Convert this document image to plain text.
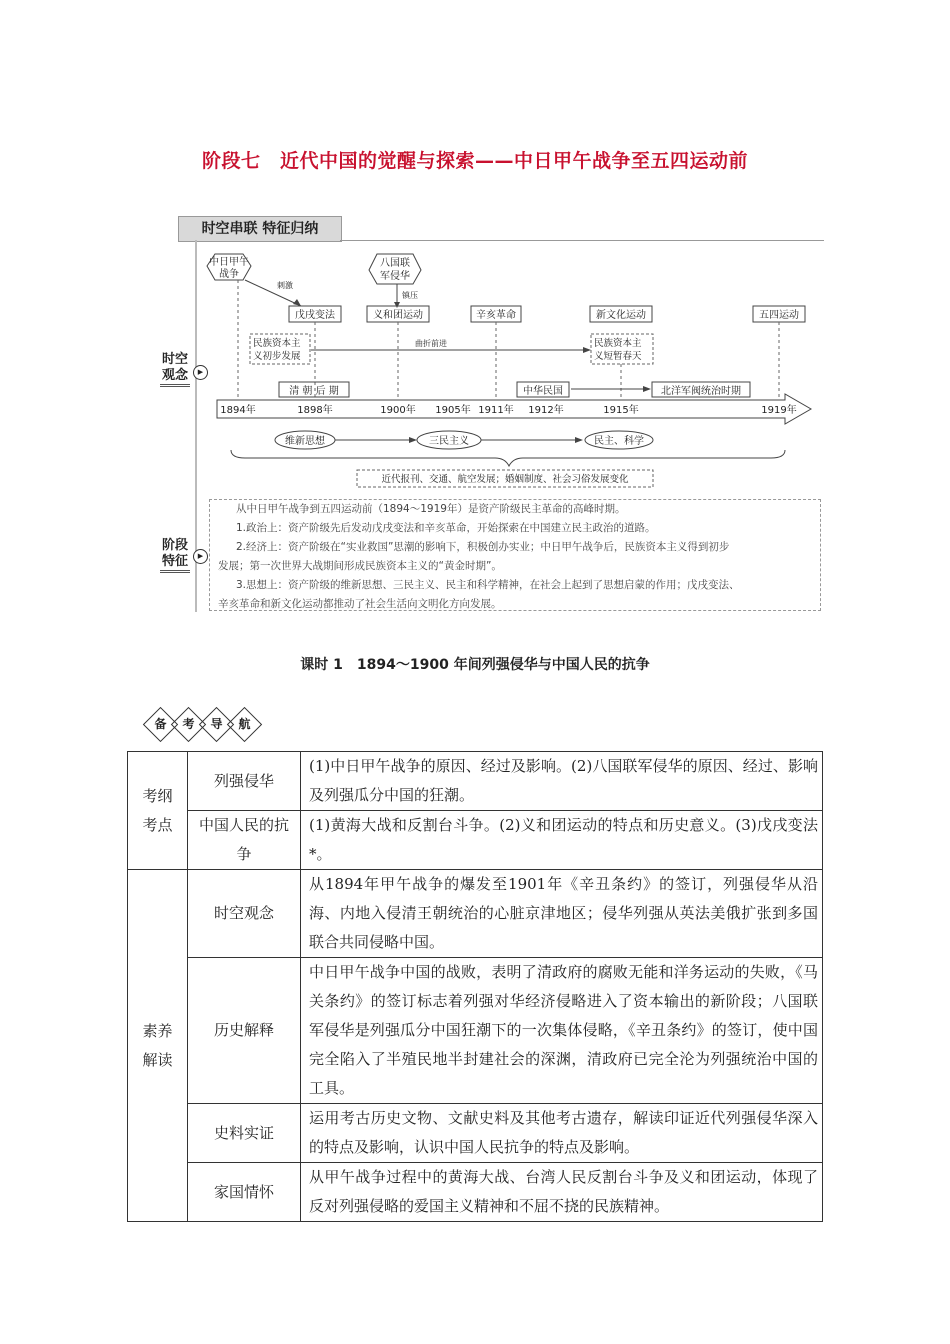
阶段七　近代中国的觉醒与探索——中日甲午战争至五四运动前
时空串联 特征归纳
时空
观念	▶
阶段
特征	▶
中日甲午
战争
八国联
军侵华
刺激
镇压
戊戌变法	义和团运动	辛亥革命	新文化运动	五四运动
民族资本主
义初步发展
曲折前进	民族资本主
义短暂春天
清 朝 后 期	中华民国	北洋军阀统治时期
1894年	1898年	1900年 1905年 1911年 1912年	1915年	1919年
维新思想	三民主义	民主、科学
近代报刊、交通、航空发展；婚姻制度、社会习俗发展变化
从中日甲午战争到五四运动前（1894～1919年）是资产阶级民主革命的高峰时期。
1.政治上：资产阶级先后发动戊戌变法和辛亥革命，开始探索在中国建立民主政治的道路。
2.经济上：资产阶级在“实业救国”思潮的影响下，积极创办实业；中日甲午战争后，民族资本主义得到初步
发展；第一次世界大战期间形成民族资本主义的“黄金时期”。
3.思想上：资产阶级的维新思想、三民主义、民主和科学精神，在社会上起到了思想启蒙的作用；戊戌变法、
辛亥革命和新文化运动都推动了社会生活向文明化方向发展。
课时 1　1894～1900 年间列强侵华与中国人民的抗争
备 考 导 航
考纲
考点	列强侵华	(1)中日甲午战争的原因、经过及影响。(2)八国联军侵华的原因、经过、影响及列强瓜分中国的狂潮。
	中国人民的抗争	(1)黄海大战和反割台斗争。(2)义和团运动的特点和历史意义。(3)戊戌变法*。
素养
解读	时空观念	从1894年甲午战争的爆发至1901年《辛丑条约》的签订，列强侵华从沿海、内地入侵清王朝统治的心脏京津地区；侵华列强从英法美俄扩张到多国联合共同侵略中国。
	历史解释	中日甲午战争中国的战败，表明了清政府的腐败无能和洋务运动的失败，《马关条约》的签订标志着列强对华经济侵略进入了资本输出的新阶段；八国联军侵华是列强瓜分中国狂潮下的一次集体侵略，《辛丑条约》的签订，使中国完全陷入了半殖民地半封建社会的深渊，清政府已完全沦为列强统治中国的工具。
	史料实证	运用考古历史文物、文献史料及其他考古遗存，解读印证近代列强侵华深入的特点及影响，认识中国人民抗争的特点及影响。
	家国情怀	从甲午战争过程中的黄海大战、台湾人民反割台斗争及义和团运动，体现了反对列强侵略的爱国主义精神和不屈不挠的民族精神。
